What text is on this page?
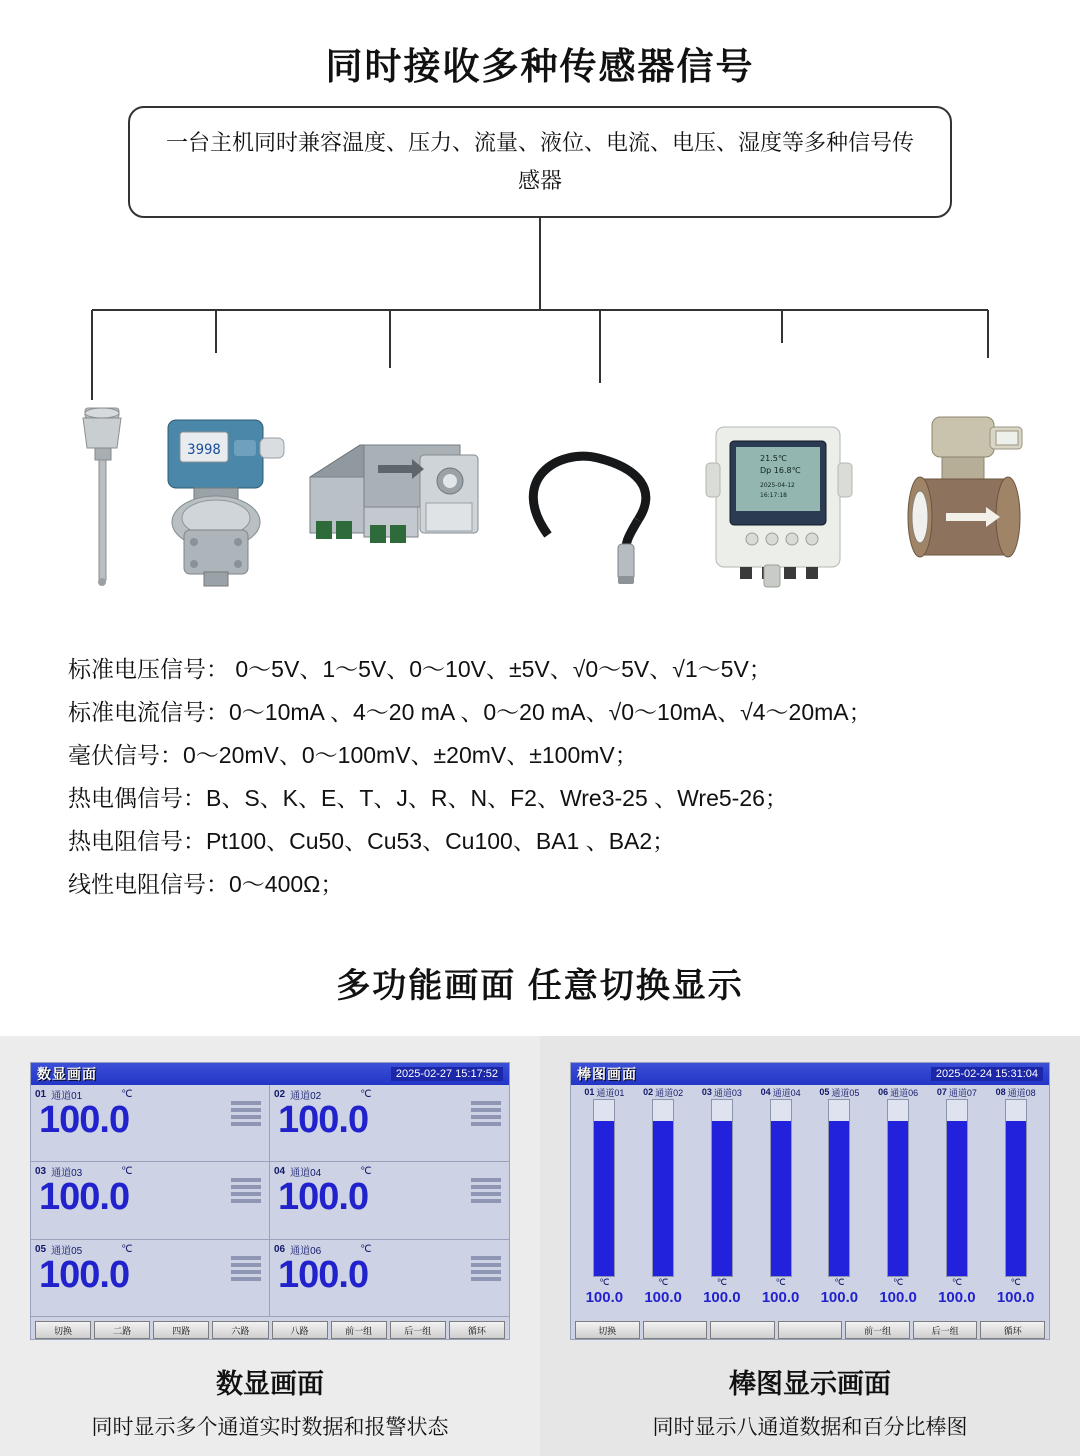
同时接收多种传感器信号
一台主机同时兼容温度、压力、流量、液位、电流、电压、湿度等多种信号传感器
3998
21.5℃
Dp 16.8℃
2025-04-12
16:17:18
标准电压信号： 0～5V、1～5V、0～10V、±5V、√0～5V、√1～5V；
标准电流信号：0～10mA 、4～20 mA 、0～20 mA、√0～10mA、√4～20mA；
毫伏信号：0～20mV、0～100mV、±20mV、±100mV；
热电偶信号：B、S、K、E、T、J、R、N、F2、Wre3-25 、Wre5-26；
热电阻信号：Pt100、Cu50、Cu53、Cu100、BA1 、BA2；
线性电阻信号：0～400Ω；
多功能画面 任意切换显示
数显画面	2025-02-27 15:17:52
01 通道01	℃
100.0
02 通道02	℃
100.0
03 通道03	℃
100.0
04 通道04	℃
100.0
05 通道05	℃
100.0
06 通道06	℃
100.0
切换	二路	四路	六路	八路	前一组	后一组	循环
数显画面
同时显示多个通道实时数据和报警状态
棒图画面	2025-02-24 15:31:04
01 通道01 02 通道02 03 通道03 04 通道04 05 通道05 06 通道06 07 通道07 08 通道08
℃	℃	℃	℃	℃	℃	℃	℃
100.0	100.0	100.0	100.0	100.0	100.0	100.0	100.0
切换	前一组	后一组	循环
棒图显示画面
同时显示八通道数据和百分比棒图
